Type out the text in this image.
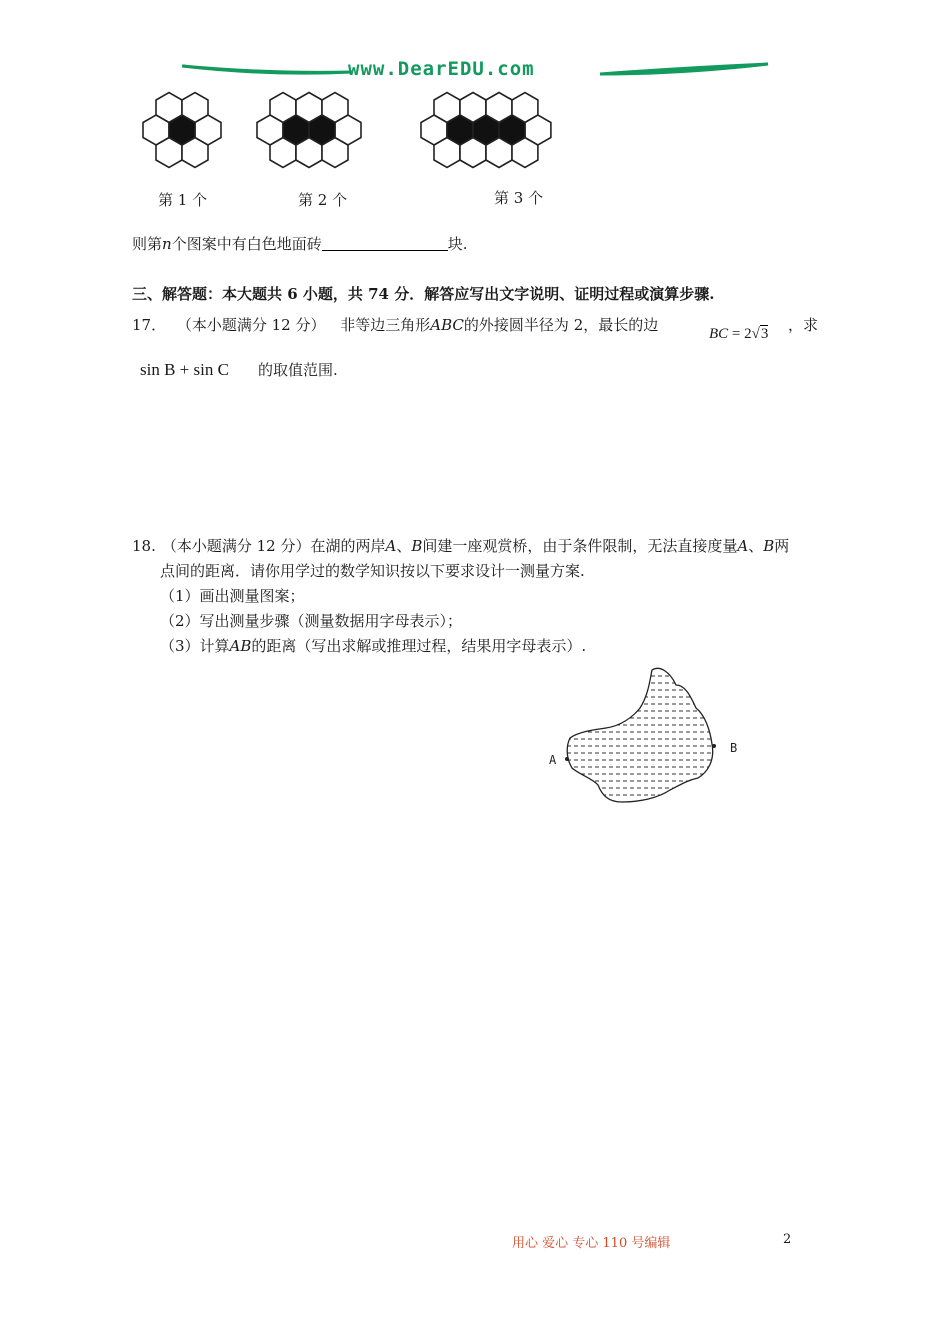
www.DearEDU.com
第 1 个	第 2 个	第 3 个
则第n个图案中有白色地面砖	块.
三、解答题：本大题共 6 小题，共 74 分．解答应写出文字说明、证明过程或演算步骤.
17． （本小题满分 12 分） 非等边三角形ABC的外接圆半径为 2，最长的边	BC = 2√3 ，求
sin B + sin C 的取值范围.
18. （本小题满分 12 分）在湖的两岸A、B间建一座观赏桥，由于条件限制，无法直接度量A、B两
点间的距离．请你用学过的数学知识按以下要求设计一测量方案.
（1）画出测量图案；
（2）写出测量步骤（测量数据用字母表示）；
（3）计算AB的距离（写出求解或推理过程，结果用字母表示）.
A
B
用心 爱心 专心 110 号编辑	2
